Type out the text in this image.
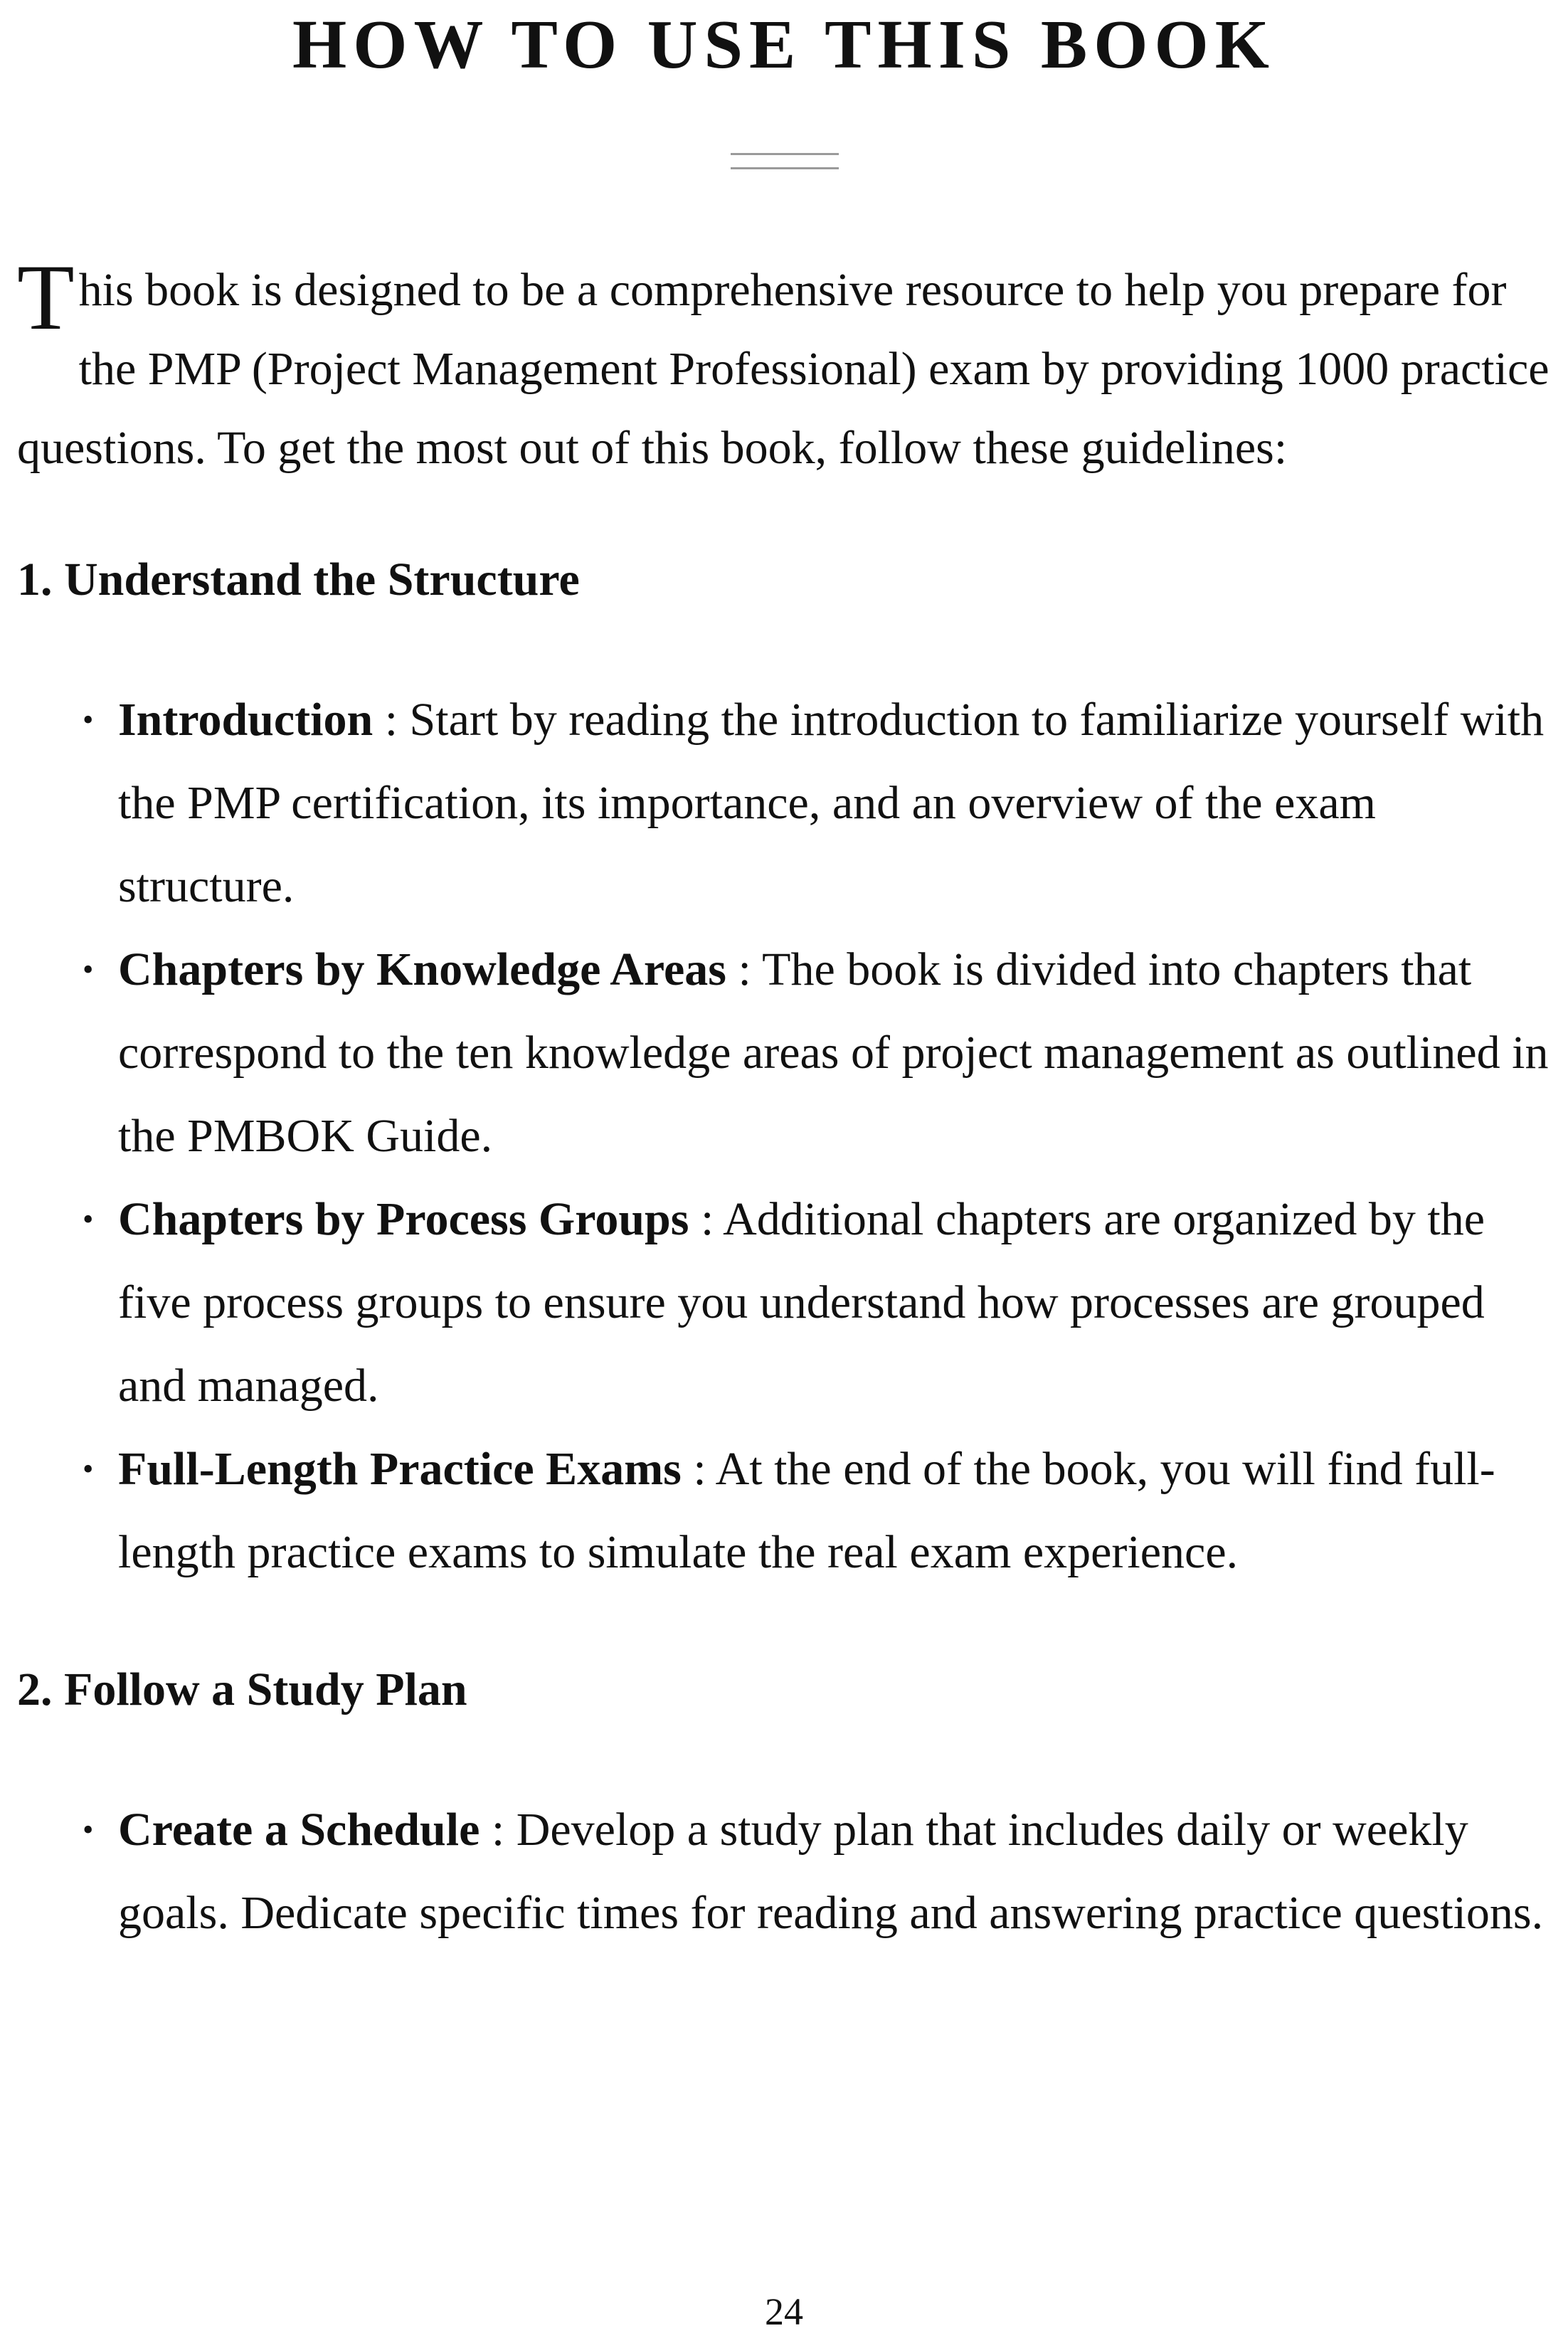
HOW TO USE THIS BOOK

This book is designed to be a comprehensive resource to help you prepare for the PMP (Project Management Professional) exam by providing 1000 practice questions. To get the most out of this book, follow these guidelines:

1. Understand the Structure
• Introduction : Start by reading the introduction to familiarize yourself with the PMP certification, its importance, and an overview of the exam structure.
• Chapters by Knowledge Areas : The book is divided into chapters that correspond to the ten knowledge areas of project management as outlined in the PMBOK Guide.
• Chapters by Process Groups : Additional chapters are organized by the five process groups to ensure you understand how processes are grouped and managed.
• Full-Length Practice Exams : At the end of the book, you will find full-length practice exams to simulate the real exam experience.
2. Follow a Study Plan
• Create a Schedule : Develop a study plan that includes daily or weekly goals. Dedicate specific times for reading and answering practice questions.
24
